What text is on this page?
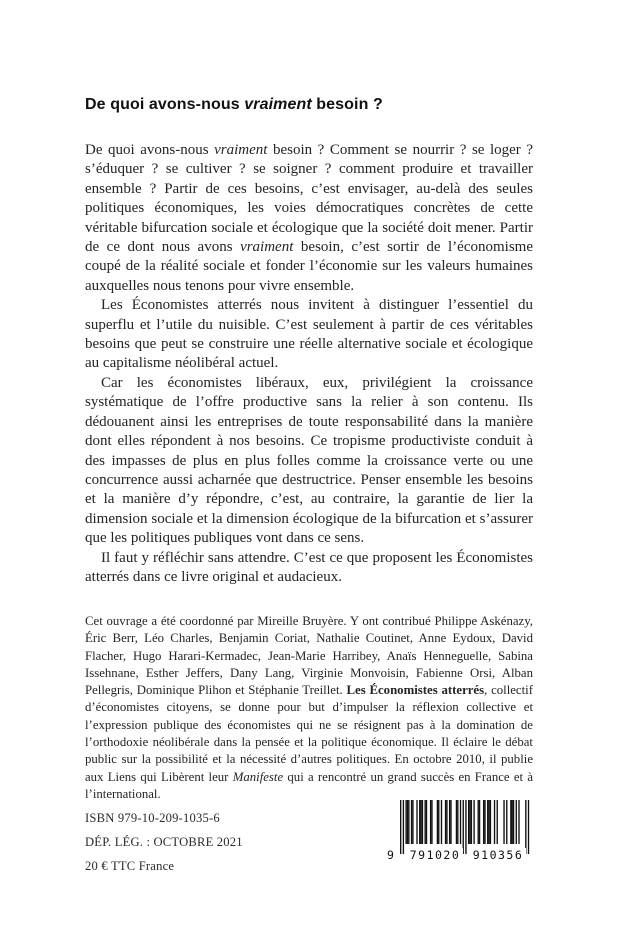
De quoi avons-nous vraiment besoin ?

De quoi avons-nous vraiment besoin ? Comment se nourrir ? se loger ? s’éduquer ? se cultiver ? se soigner ? comment produire et travailler ensemble ? Partir de ces besoins, c’est envisager, au-delà des seules politiques économiques, les voies démocratiques concrètes de cette véritable bifurcation sociale et écologique que la société doit mener. Partir de ce dont nous avons vraiment besoin, c’est sortir de l’économisme coupé de la réalité sociale et fonder l’économie sur les valeurs humaines auxquelles nous tenons pour vivre ensemble.

Les Économistes atterrés nous invitent à distinguer l’essentiel du superflu et l’utile du nuisible. C’est seulement à partir de ces véritables besoins que peut se construire une réelle alternative sociale et écologique au capitalisme néolibéral actuel.

Car les économistes libéraux, eux, privilégient la croissance systématique de l’offre productive sans la relier à son contenu. Ils dédouanent ainsi les entreprises de toute responsabilité dans la manière dont elles répondent à nos besoins. Ce tropisme productiviste conduit à des impasses de plus en plus folles comme la croissance verte ou une concurrence aussi acharnée que destructrice. Penser ensemble les besoins et la manière d’y répondre, c’est, au contraire, la garantie de lier la dimension sociale et la dimension écologique de la bifurcation et s’assurer que les politiques publiques vont dans ce sens.

Il faut y réfléchir sans attendre. C’est ce que proposent les Économistes atterrés dans ce livre original et audacieux.

Cet ouvrage a été coordonné par Mireille Bruyère. Y ont contribué Philippe Askénazy, Éric Berr, Léo Charles, Benjamin Coriat, Nathalie Coutinet, Anne Eydoux, David Flacher, Hugo Harari-Kermadec, Jean-Marie Harribey, Anaïs Henneguelle, Sabina Issehnane, Esther Jeffers, Dany Lang, Virginie Monvoisin, Fabienne Orsi, Alban Pellegris, Dominique Plihon et Stéphanie Treillet. Les Économistes atterrés, collectif d’économistes citoyens, se donne pour but d’impulser la réflexion collective et l’expression publique des économistes qui ne se résignent pas à la domination de l’orthodoxie néolibérale dans la pensée et la politique économique. Il éclaire le débat public sur la possibilité et la nécessité d’autres politiques. En octobre 2010, il publie aux Liens qui Libèrent leur Manifeste qui a rencontré un grand succès en France et à l’international.
ISBN 979-10-209-1035-6
DÉP. LÉG. : OCTOBRE 2021
20 € TTC France
9 791020 910356
